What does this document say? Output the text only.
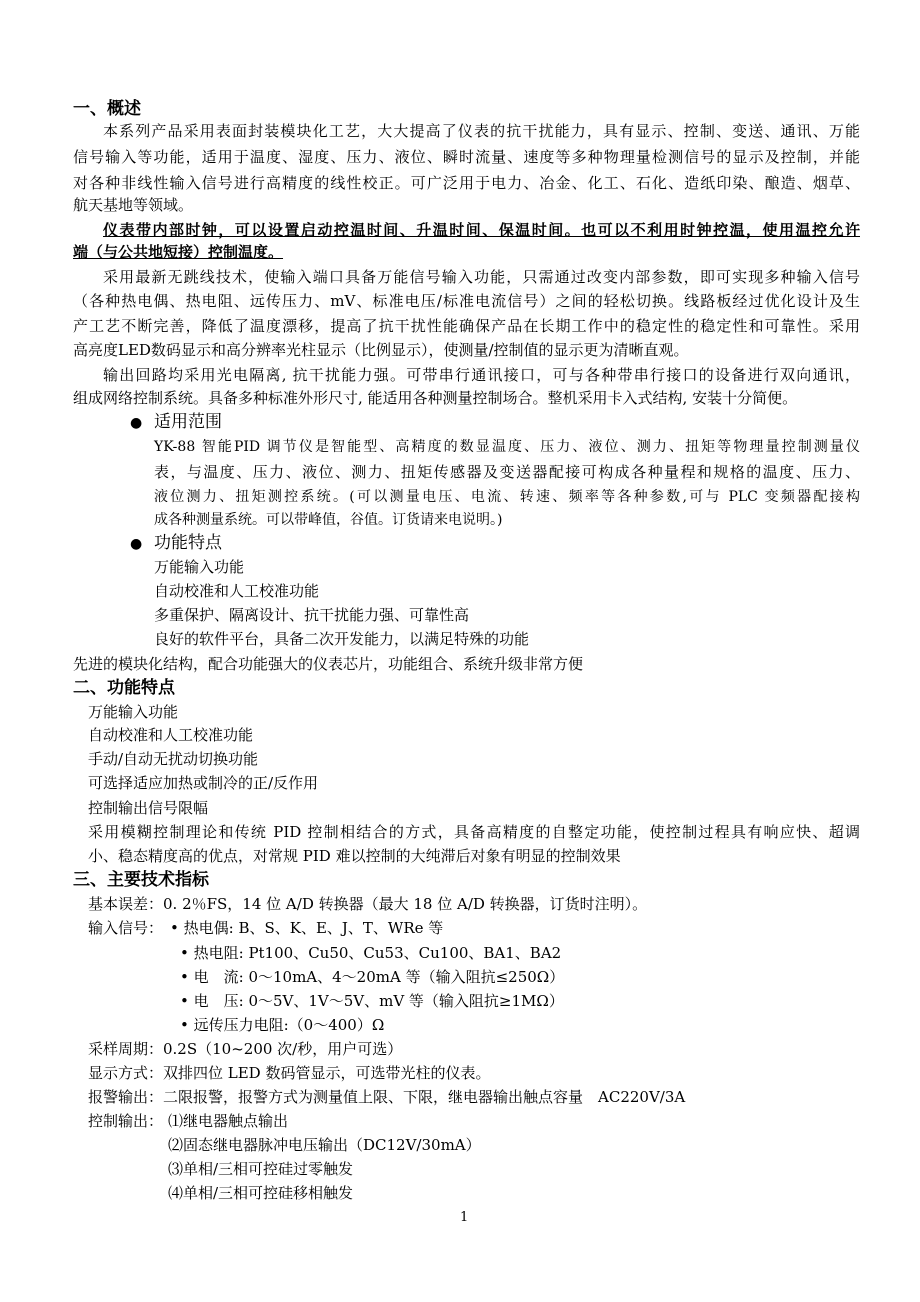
一、概述
本系列产品采用表面封装模块化工艺，大大提高了仪表的抗干扰能力，具有显示、控制、变送、通讯、万能
信号输入等功能，适用于温度、湿度、压力、液位、瞬时流量、速度等多种物理量检测信号的显示及控制，并能
对各种非线性输入信号进行高精度的线性校正。可广泛用于电力、冶金、化工、石化、造纸印染、酿造、烟草、
航天基地等领域。
仪表带内部时钟，可以设置启动控温时间、升温时间、保温时间。也可以不利用时钟控温，使用温控允许
端（与公共地短接）控制温度。
采用最新无跳线技术，使输入端口具备万能信号输入功能，只需通过改变内部参数，即可实现多种输入信号
（各种热电偶、热电阻、远传压力、mV、标准电压/标准电流信号）之间的轻松切换。线路板经过优化设计及生
产工艺不断完善，降低了温度漂移，提高了抗干扰性能确保产品在长期工作中的稳定性的稳定性和可靠性。采用
高亮度LED数码显示和高分辨率光柱显示（比例显示），使测量/控制值的显示更为清晰直观。
输出回路均采用光电隔离, 抗干扰能力强。可带串行通讯接口，可与各种带串行接口的设备进行双向通讯，
组成网络控制系统。具备多种标准外形尺寸, 能适用各种测量控制场合。整机采用卡入式结构, 安装十分简便。
● 适用范围
YK-88 智能PID 调节仪是智能型、高精度的数显温度、压力、液位、测力、扭矩等物理量控制测量仪
表，与温度、压力、液位、测力、扭矩传感器及变送器配接可构成各种量程和规格的温度、压力、
液位测力、扭矩测控系统。(可以测量电压、电流、转速、频率等各种参数,可与 PLC 变频器配接构
成各种测量系统。可以带峰值，谷值。订货请来电说明。)
● 功能特点
万能输入功能
自动校准和人工校准功能
多重保护、隔离设计、抗干扰能力强、可靠性高
良好的软件平台，具备二次开发能力，以满足特殊的功能
先进的模块化结构，配合功能强大的仪表芯片，功能组合、系统升级非常方便
二、功能特点
万能输入功能
自动校准和人工校准功能
手动/自动无扰动切换功能
可选择适应加热或制冷的正/反作用
控制输出信号限幅
采用模糊控制理论和传统 PID 控制相结合的方式，具备高精度的自整定功能，使控制过程具有响应快、超调
小、稳态精度高的优点，对常规 PID 难以控制的大纯滞后对象有明显的控制效果
三、主要技术指标
基本误差：0. 2％FS，14 位 A/D 转换器（最大 18 位 A/D 转换器，订货时注明）。
输入信号： • 热电偶: B、S、K、E、J、T、WRe 等
• 热电阻: Pt100、Cu50、Cu53、Cu100、BA1、BA2
• 电　流: 0～10mA、4～20mA 等（输入阻抗≤250Ω）
• 电　压: 0～5V、1V～5V、mV 等（输入阻抗≥1MΩ）
• 远传压力电阻:（0～400）Ω
采样周期：0.2S（10~200 次/秒，用户可选）
显示方式：双排四位 LED 数码管显示，可选带光柱的仪表。
报警输出：二限报警，报警方式为测量值上限、下限，继电器输出触点容量　AC220V/3A
控制输出： ⑴继电器触点输出
⑵固态继电器脉冲电压输出（DC12V/30mA）
⑶单相/三相可控硅过零触发
⑷单相/三相可控硅移相触发
1
